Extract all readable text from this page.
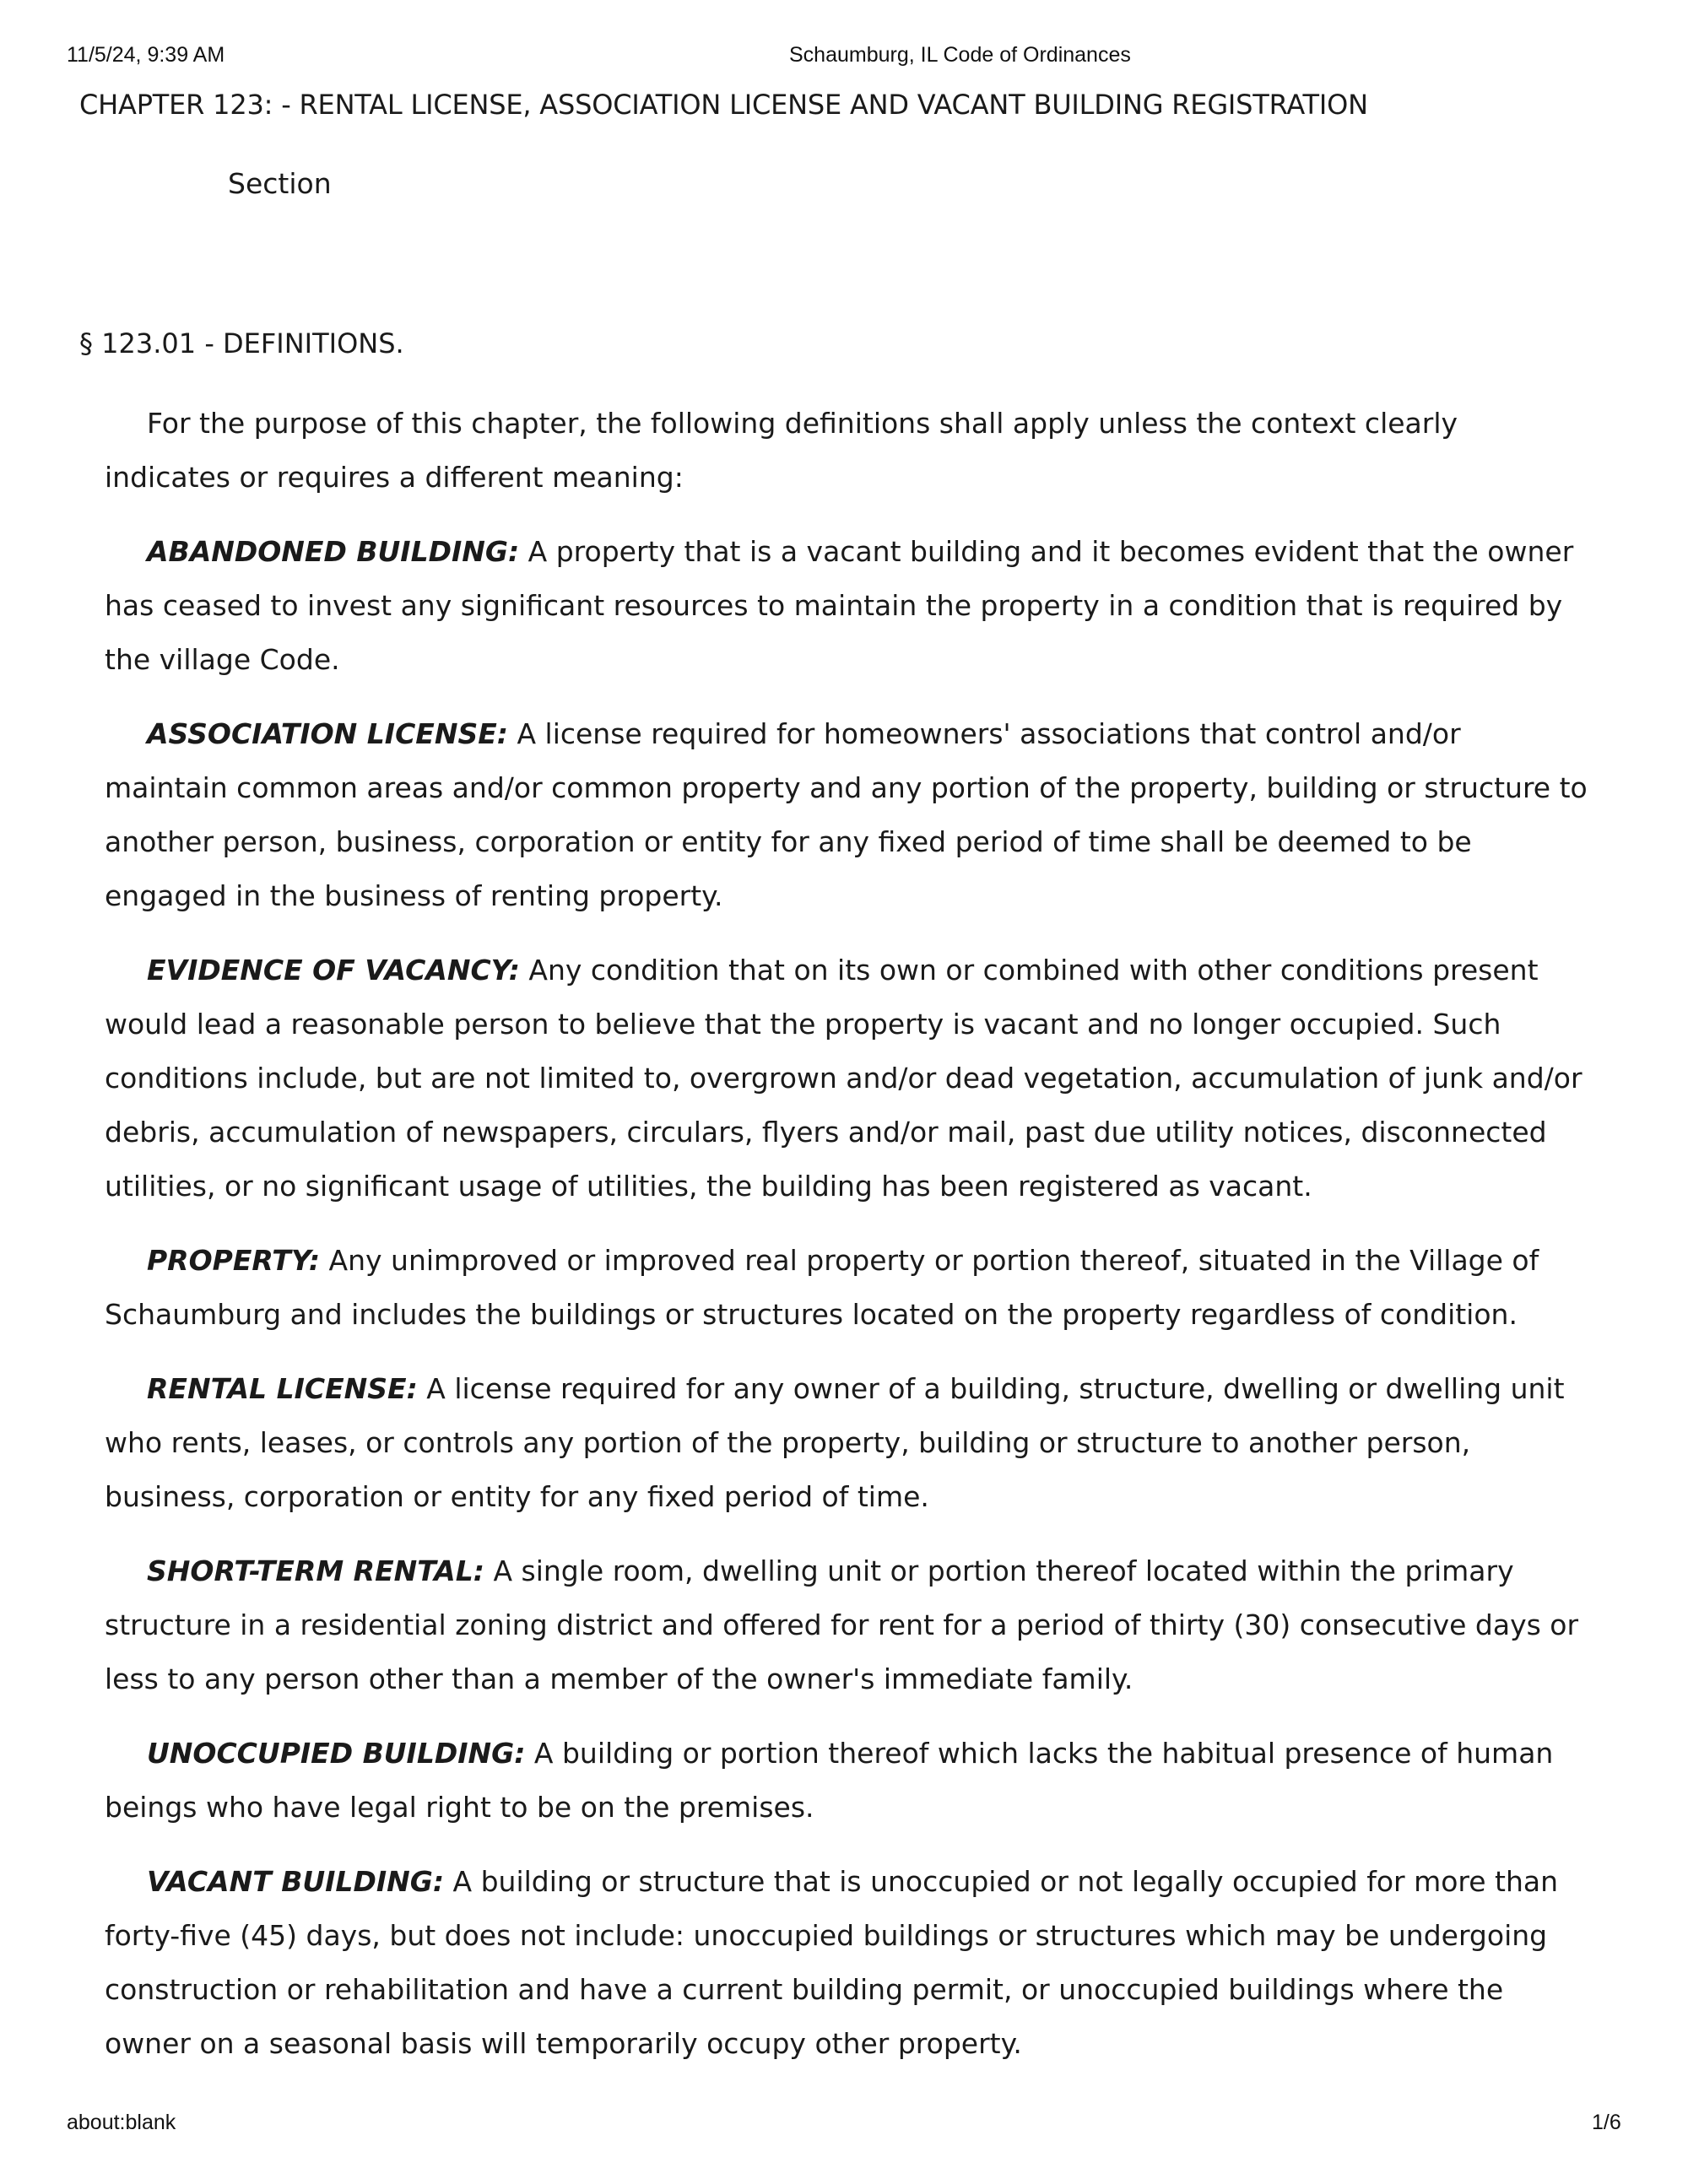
11/5/24, 9:39 AM	Schaumburg, IL Code of Ordinances
CHAPTER 123: - RENTAL LICENSE, ASSOCIATION LICENSE AND VACANT BUILDING REGISTRATION
Section
§ 123.01 - DEFINITIONS.

For the purpose of this chapter, the following definitions shall apply unless the context clearly indicates or requires a different meaning:

ABANDONED BUILDING: A property that is a vacant building and it becomes evident that the owner has ceased to invest any significant resources to maintain the property in a condition that is required by the village Code.

ASSOCIATION LICENSE: A license required for homeowners' associations that control and/or maintain common areas and/or common property and any portion of the property, building or structure to another person, business, corporation or entity for any fixed period of time shall be deemed to be engaged in the business of renting property.

EVIDENCE OF VACANCY: Any condition that on its own or combined with other conditions present would lead a reasonable person to believe that the property is vacant and no longer occupied. Such conditions include, but are not limited to, overgrown and/or dead vegetation, accumulation of junk and/or debris, accumulation of newspapers, circulars, flyers and/or mail, past due utility notices, disconnected utilities, or no significant usage of utilities, the building has been registered as vacant.

PROPERTY: Any unimproved or improved real property or portion thereof, situated in the Village of Schaumburg and includes the buildings or structures located on the property regardless of condition.

RENTAL LICENSE: A license required for any owner of a building, structure, dwelling or dwelling unit who rents, leases, or controls any portion of the property, building or structure to another person, business, corporation or entity for any fixed period of time.

SHORT-TERM RENTAL: A single room, dwelling unit or portion thereof located within the primary structure in a residential zoning district and offered for rent for a period of thirty (30) consecutive days or less to any person other than a member of the owner's immediate family.

UNOCCUPIED BUILDING: A building or portion thereof which lacks the habitual presence of human beings who have legal right to be on the premises.

VACANT BUILDING: A building or structure that is unoccupied or not legally occupied for more than forty-five (45) days, but does not include: unoccupied buildings or structures which may be undergoing construction or rehabilitation and have a current building permit, or unoccupied buildings where the owner on a seasonal basis will temporarily occupy other property.

about:blank	1/6
